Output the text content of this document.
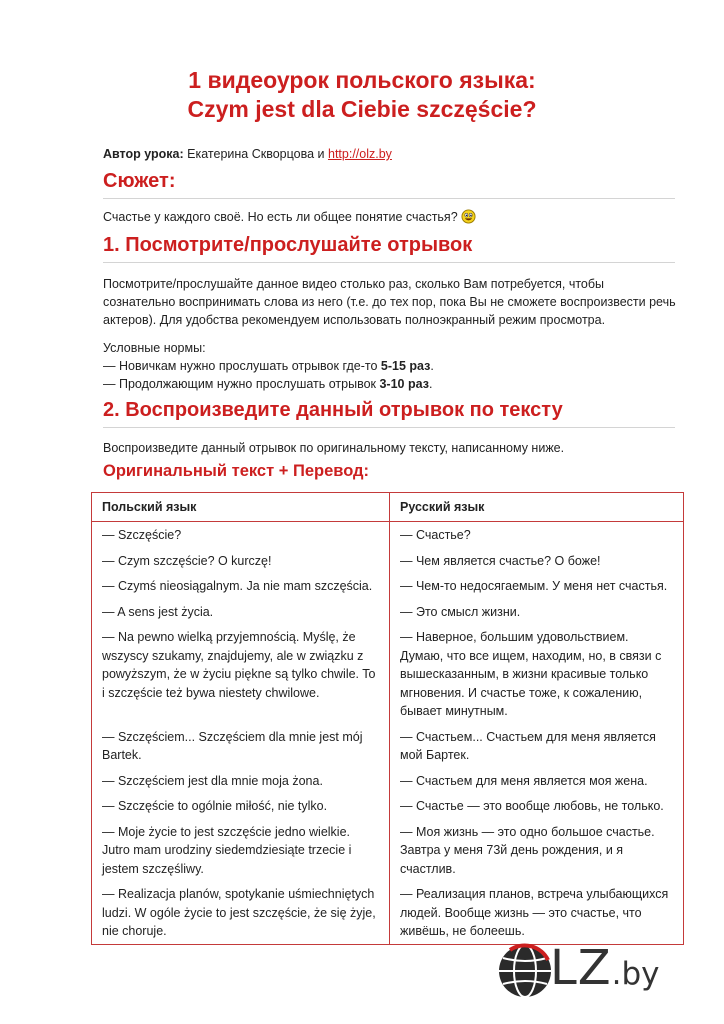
1 видеоурок польского языка:
Czym jest dla Ciebie szczęście?
Автор урока: Екатерина Скворцова и http://olz.by
Сюжет:
Счастье у каждого своё. Но есть ли общее понятие счастья?
1. Посмотрите/прослушайте отрывок
Посмотрите/прослушайте данное видео столько раз, сколько Вам потребуется, чтобы сознательно воспринимать слова из него (т.е. до тех пор, пока Вы не сможете воспроизвести речь актеров). Для удобства рекомендуем использовать полноэкранный режим просмотра.
Условные нормы:
— Новичкам нужно прослушать отрывок где-то 5-15 раз.
— Продолжающим нужно прослушать отрывок 3-10 раз.
2. Воспроизведите данный отрывок по тексту
Воспроизведите данный отрывок по оригинальному тексту, написанному ниже.
Оригинальный текст + Перевод:
Польский язык	Русский язык
— Szczęście?	— Счастье?
— Czym szczęście? O kurczę!	— Чем является счастье? О боже!
— Czymś nieosiągalnym. Ja nie mam szczęścia.	— Чем-то недосягаемым. У меня нет счастья.
— A sens jest życia.	— Это смысл жизни.
— Na pewno wielką przyjemnością. Myślę, że wszyscy szukamy, znajdujemy, ale w związku z powyższym, że w życiu piękne są tylko chwile. To i szczęście też bywa niestety chwilowe.	— Наверное, большим удовольствием. Думаю, что все ищем, находим, но, в связи с вышесказанным, в жизни красивые только мгновения. И счастье тоже, к сожалению, бывает минутным.
— Szczęściem... Szczęściem dla mnie jest mój Bartek.	— Счастьем... Счастьем для меня является мой Бартек.
— Szczęściem jest dla mnie moja żona.	— Счастьем для меня является моя жена.
— Szczęście to ogólnie miłość, nie tylko.	— Счастье — это вообще любовь, не только.
— Moje życie to jest szczęście jedno wielkie. Jutro mam urodziny siedemdziesiąte trzecie i jestem szczęśliwy.	— Моя жизнь — это одно большое счастье. Завтра у меня 73й день рождения, и я счастлив.
— Realizacja planów, spotykanie uśmiechniętych ludzi. W ogóle życie to jest szczęście, że się żyje, nie choruje.	— Реализация планов, встреча улыбающихся людей. Вообще жизнь — это счастье, что живёшь, не болеешь.
LZ.by
